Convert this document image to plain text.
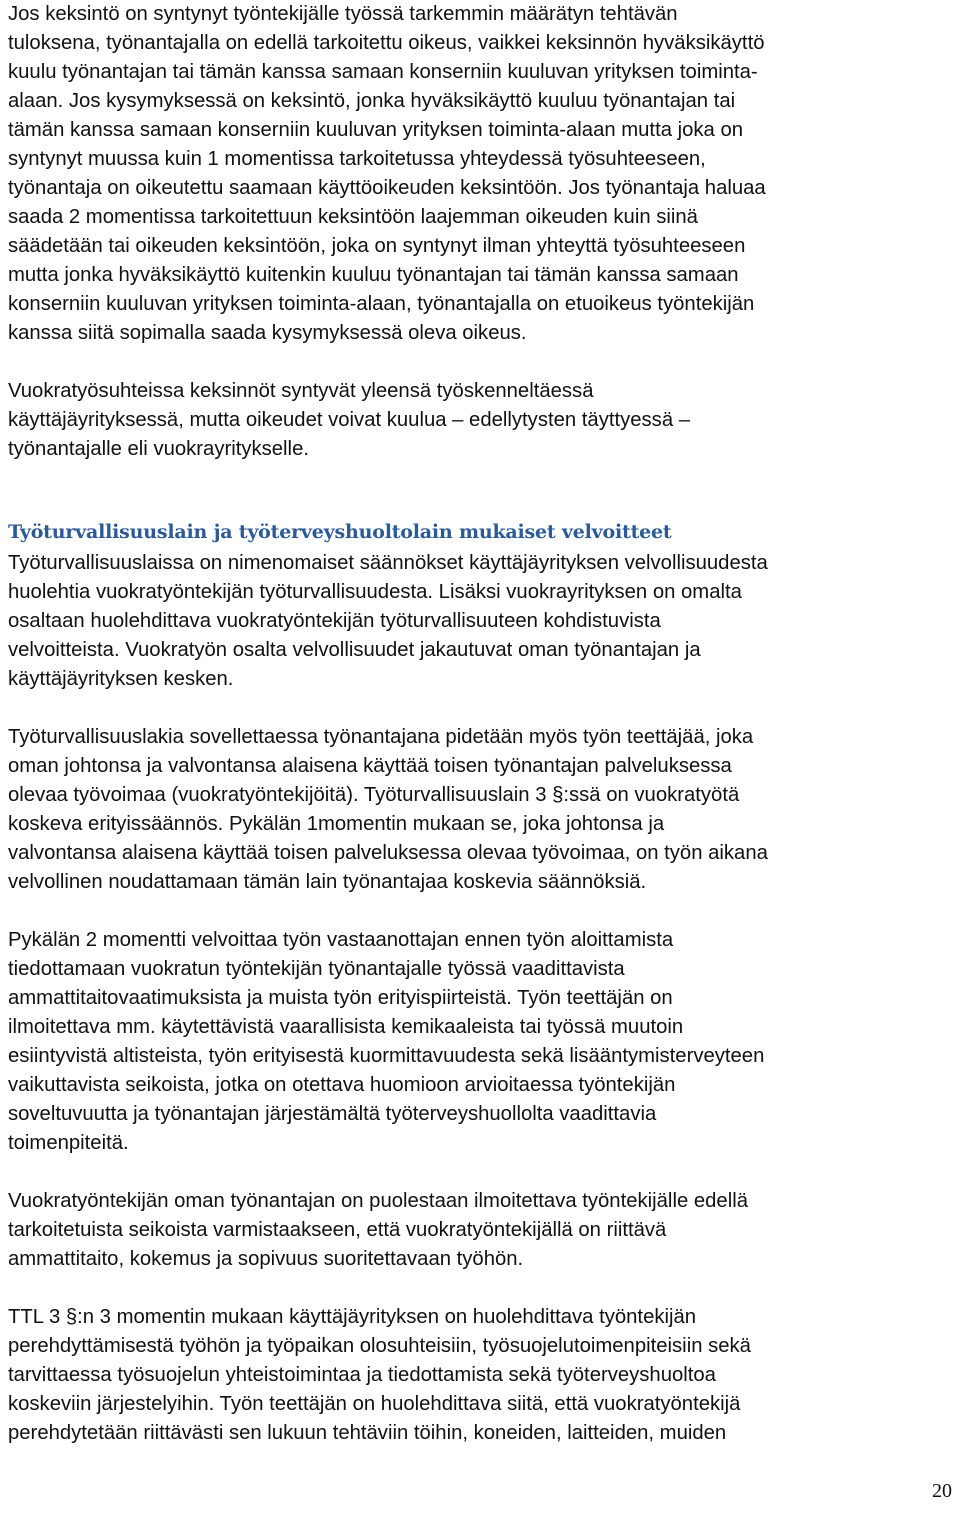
Jos keksintö on syntynyt työntekijälle työssä tarkemmin määrätyn tehtävän
tuloksena, työnantajalla on edellä tarkoitettu oikeus, vaikkei keksinnön hyväksikäyttö
kuulu työnantajan tai tämän kanssa samaan konserniin kuuluvan yrityksen toiminta-
alaan. Jos kysymyksessä on keksintö, jonka hyväksikäyttö kuuluu työnantajan tai
tämän kanssa samaan konserniin kuuluvan yrityksen toiminta-alaan mutta joka on
syntynyt muussa kuin 1 momentissa tarkoitetussa yhteydessä työsuhteeseen,
työnantaja on oikeutettu saamaan käyttöoikeuden keksintöön. Jos työnantaja haluaa
saada 2 momentissa tarkoitettuun keksintöön laajemman oikeuden kuin siinä
säädetään tai oikeuden keksintöön, joka on syntynyt ilman yhteyttä työsuhteeseen
mutta jonka hyväksikäyttö kuitenkin kuuluu työnantajan tai tämän kanssa samaan
konserniin kuuluvan yrityksen toiminta-alaan, työnantajalla on etuoikeus työntekijän
kanssa siitä sopimalla saada kysymyksessä oleva oikeus.

Vuokratyösuhteissa keksinnöt syntyvät yleensä työskenneltäessä
käyttäjäyrityksessä, mutta oikeudet voivat kuulua – edellytysten täyttyessä –
työnantajalle eli vuokrayritykselle.

Työturvallisuuslain ja työterveyshuoltolain mukaiset velvoitteet

Työturvallisuuslaissa on nimenomaiset säännökset käyttäjäyrityksen velvollisuudesta
huolehtia vuokratyöntekijän työturvallisuudesta. Lisäksi vuokrayrityksen on omalta
osaltaan huolehdittava vuokratyöntekijän työturvallisuuteen kohdistuvista
velvoitteista. Vuokratyön osalta velvollisuudet jakautuvat oman työnantajan ja
käyttäjäyrityksen kesken.

Työturvallisuuslakia sovellettaessa työnantajana pidetään myös työn teettäjää, joka
oman johtonsa ja valvontansa alaisena käyttää toisen työnantajan palveluksessa
olevaa työvoimaa (vuokratyöntekijöitä). Työturvallisuuslain 3 §:ssä on vuokratyötä
koskeva erityissäännös. Pykälän 1momentin mukaan se, joka johtonsa ja
valvontansa alaisena käyttää toisen palveluksessa olevaa työvoimaa, on työn aikana
velvollinen noudattamaan tämän lain työnantajaa koskevia säännöksiä.

Pykälän 2 momentti velvoittaa työn vastaanottajan ennen työn aloittamista
tiedottamaan vuokratun työntekijän työnantajalle työssä vaadittavista
ammattitaitovaatimuksista ja muista työn erityispiirteistä. Työn teettäjän on
ilmoitettava mm. käytettävistä vaarallisista kemikaaleista tai työssä muutoin
esiintyvistä altisteista, työn erityisestä kuormittavuudesta sekä lisääntymisterveyteen
vaikuttavista seikoista, jotka on otettava huomioon arvioitaessa työntekijän
soveltuvuutta ja työnantajan järjestämältä työterveyshuollolta vaadittavia
toimenpiteitä.

Vuokratyöntekijän oman työnantajan on puolestaan ilmoitettava työntekijälle edellä
tarkoitetuista seikoista varmistaakseen, että vuokratyöntekijällä on riittävä
ammattitaito, kokemus ja sopivuus suoritettavaan työhön.

TTL 3 §:n 3 momentin mukaan käyttäjäyrityksen on huolehdittava työntekijän
perehdyttämisestä työhön ja työpaikan olosuhteisiin, työsuojelutoimenpiteisiin sekä
tarvittaessa työsuojelun yhteistoimintaa ja tiedottamista sekä työterveyshuoltoa
koskeviin järjestelyihin. Työn teettäjän on huolehdittava siitä, että vuokratyöntekijä
perehdytetään riittävästi sen lukuun tehtäviin töihin, koneiden, laitteiden, muiden

20
